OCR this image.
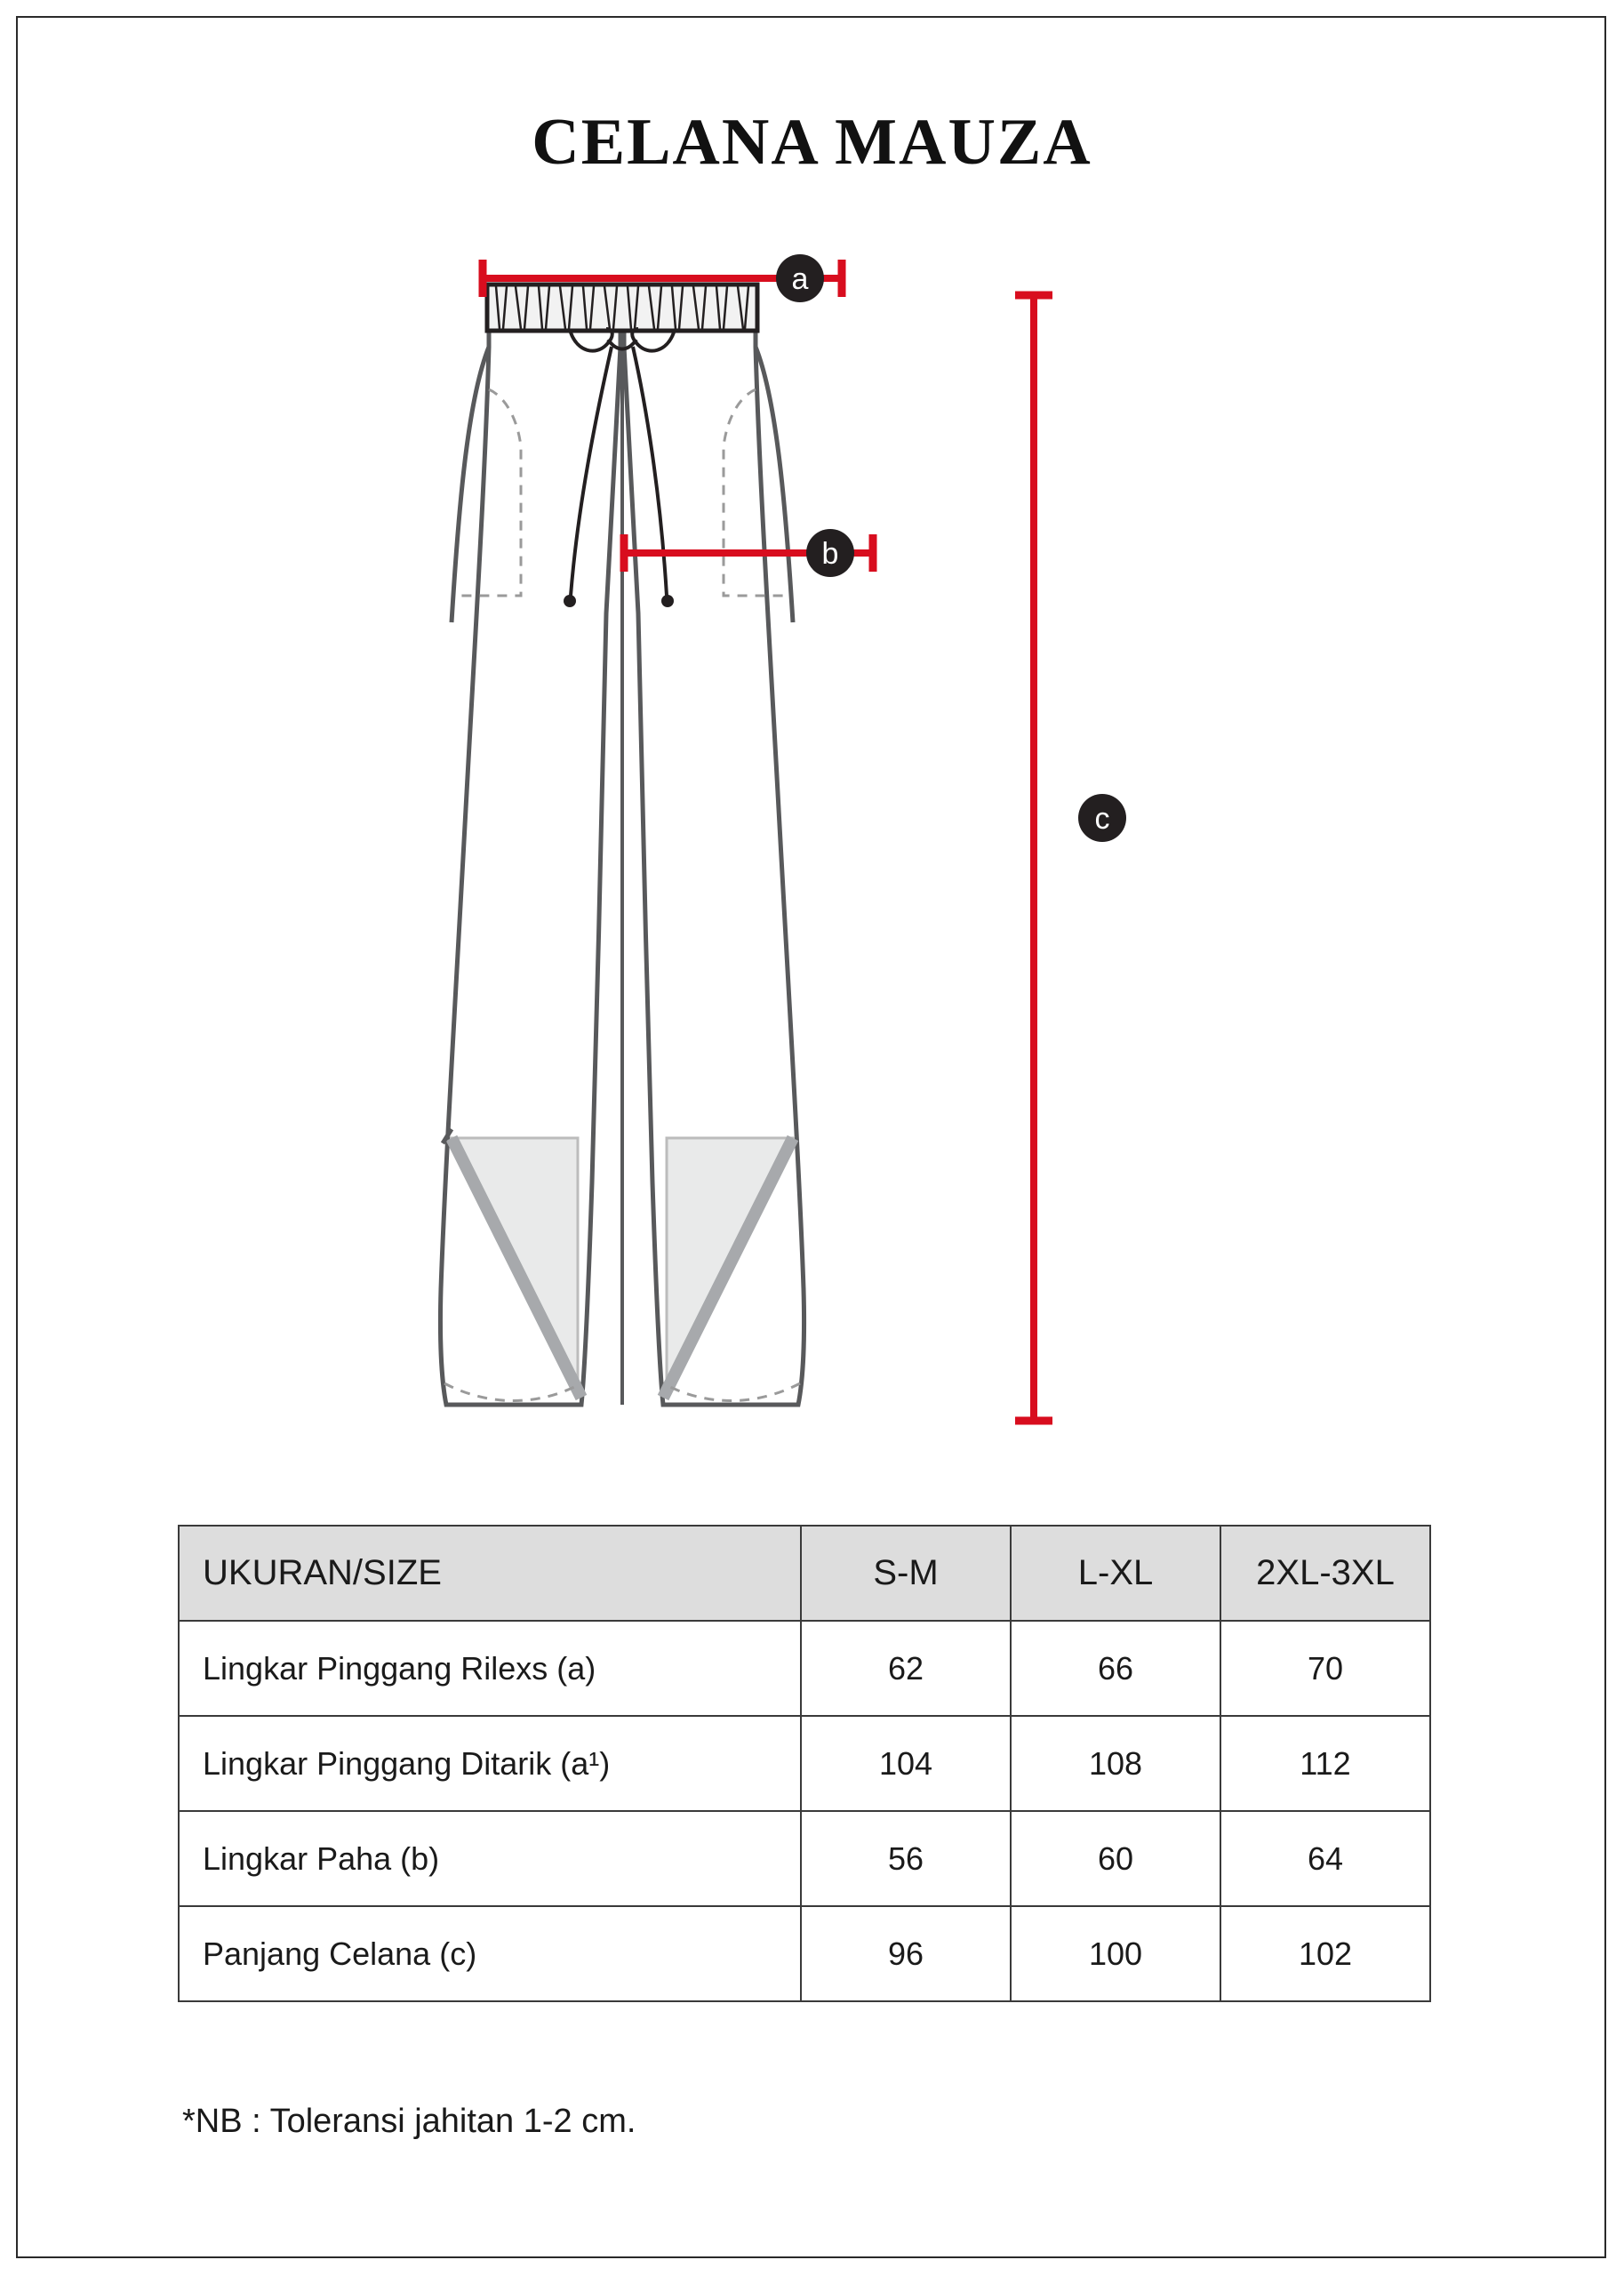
CELANA MAUZA
a
b
c
UKURAN/SIZE	S-M	L-XL	2XL-3XL
Lingkar Pinggang Rilexs (a)	62	66	70
Lingkar Pinggang Ditarik (a¹)	104	108	112
Lingkar Paha (b)	56	60	64
Panjang Celana (c)	96	100	102
*NB : Toleransi jahitan 1-2 cm.
